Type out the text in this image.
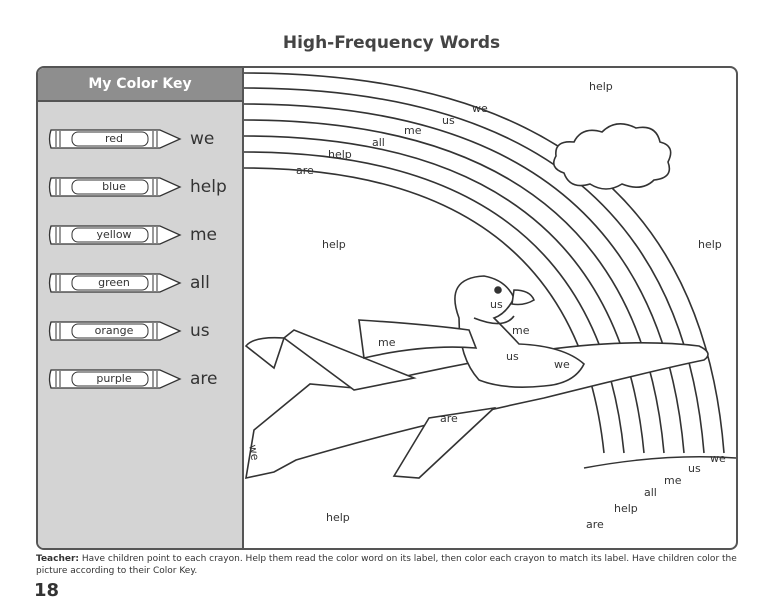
High-Frequency Words
My Color Key
red	we
blue	help
yellow	me
green	all
orange	us
purple	are
help
help	help
help
we
us
me
all
help
are
we
us
me
all
help
are
us
me
us
we
me
are
we
Teacher: Have children point to each crayon. Help them read the color word on its label, then color each crayon to match its label. Have children color the picture according to their Color Key.
18
